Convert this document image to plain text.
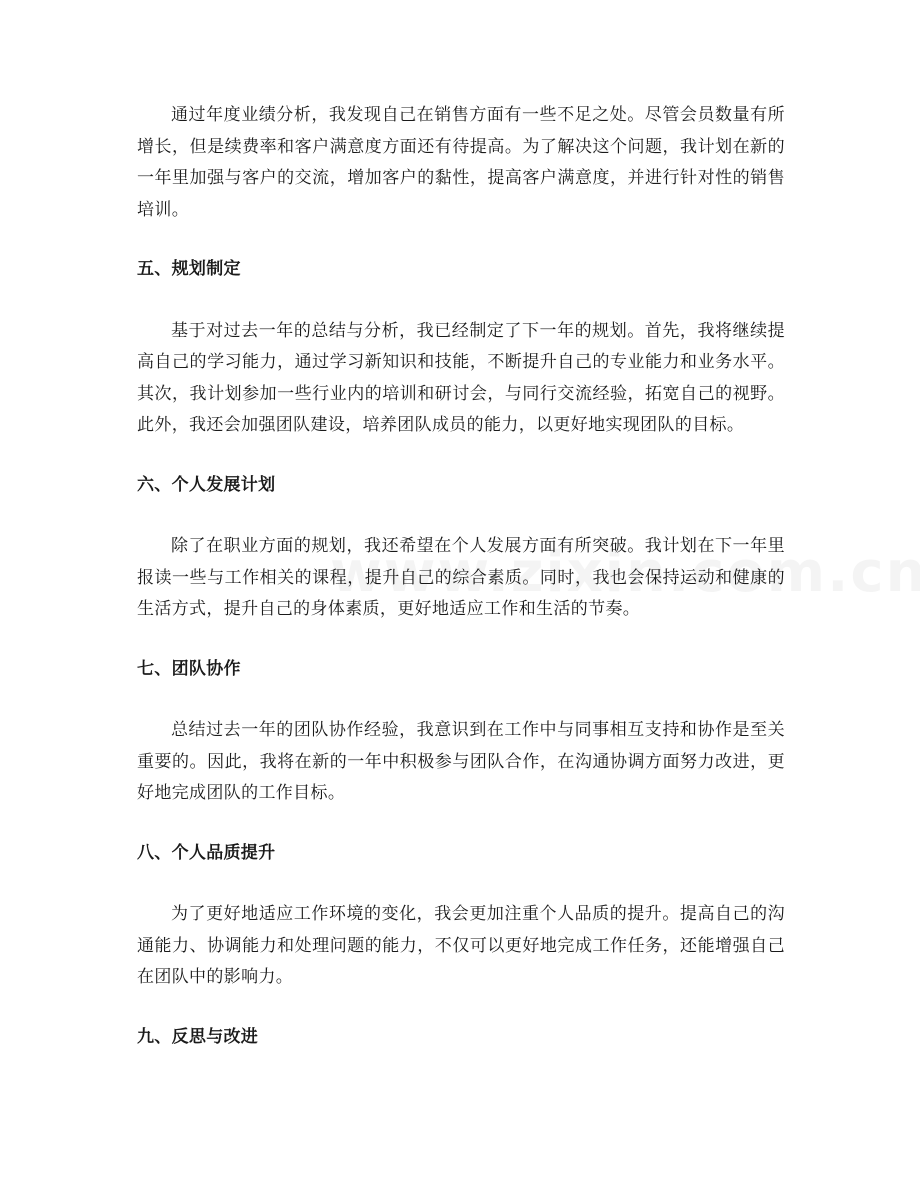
通过年度业绩分析，我发现自己在销售方面有一些不足之处。尽管会员数量有所增长，但是续费率和客户满意度方面还有待提高。为了解决这个问题，我计划在新的一年里加强与客户的交流，增加客户的黏性，提高客户满意度，并进行针对性的销售培训。

五、规划制定

基于对过去一年的总结与分析，我已经制定了下一年的规划。首先，我将继续提高自己的学习能力，通过学习新知识和技能，不断提升自己的专业能力和业务水平。其次，我计划参加一些行业内的培训和研讨会，与同行交流经验，拓宽自己的视野。此外，我还会加强团队建设，培养团队成员的能力，以更好地实现团队的目标。

六、个人发展计划

除了在职业方面的规划，我还希望在个人发展方面有所突破。我计划在下一年里报读一些与工作相关的课程，提升自己的综合素质。同时，我也会保持运动和健康的生活方式，提升自己的身体素质，更好地适应工作和生活的节奏。

七、团队协作

总结过去一年的团队协作经验，我意识到在工作中与同事相互支持和协作是至关重要的。因此，我将在新的一年中积极参与团队合作，在沟通协调方面努力改进，更好地完成团队的工作目标。

八、个人品质提升

为了更好地适应工作环境的变化，我会更加注重个人品质的提升。提高自己的沟通能力、协调能力和处理问题的能力，不仅可以更好地完成工作任务，还能增强自己在团队中的影响力。

九、反思与改进
